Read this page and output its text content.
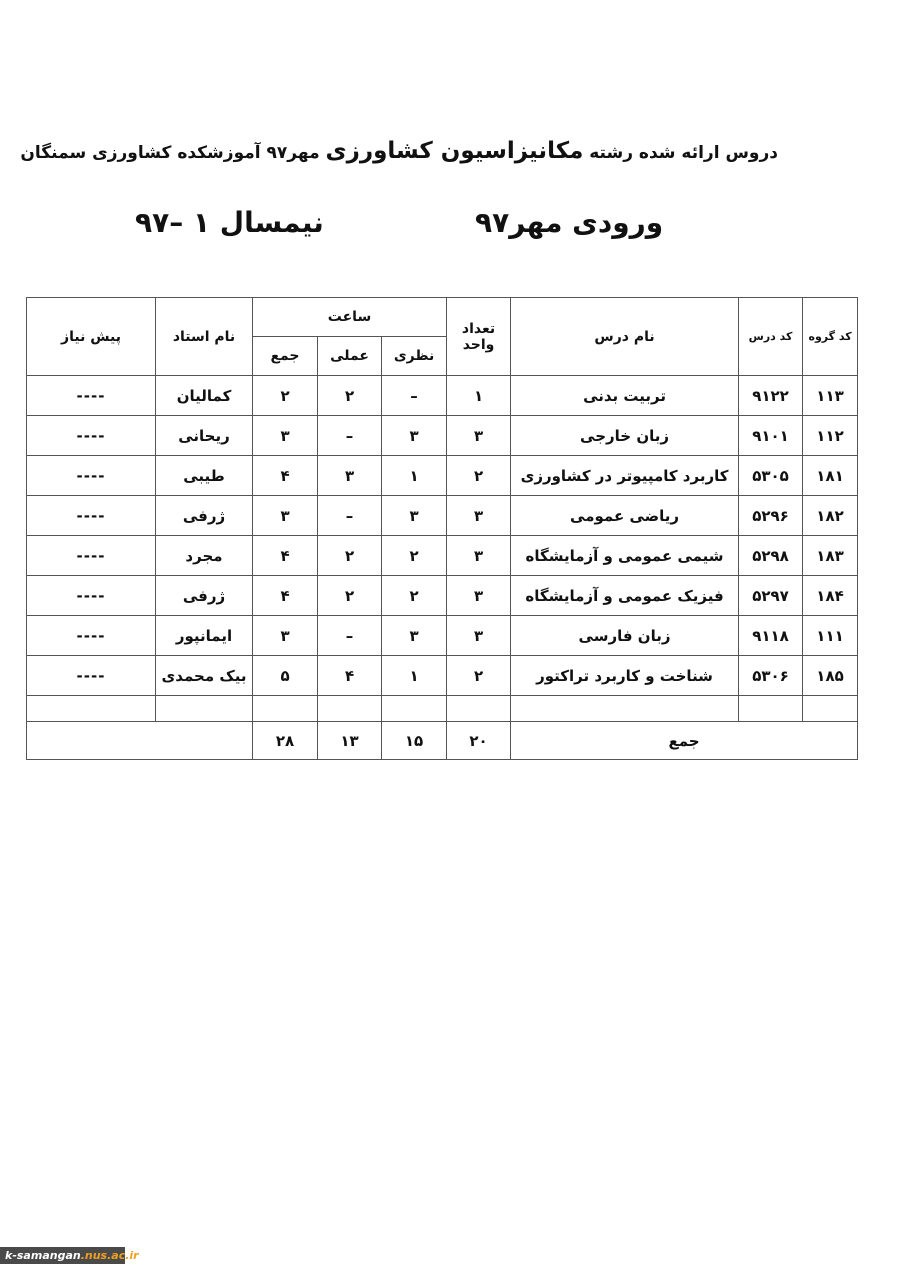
دروس ارائه شده رشته مکانیزاسیون کشاورزی مهر۹۷ آموزشکده کشاورزی سمنگان
ورودی مهر۹۷
نیمسال ۱ –۹۷
کد گروه	کد درس	نام درس	تعداد واحد	ساعت			نام استاد	پیش نیاز
				نظری	عملی	جمع		
۱۱۳	۹۱۲۲	تربیت بدنی	۱	–	۲	۲	کمالیان	----
۱۱۲	۹۱۰۱	زبان خارجی	۳	۳	–	۳	ریحانی	----
۱۸۱	۵۳۰۵	کاربرد کامپیوتر در کشاورزی	۲	۱	۳	۴	طیبی	----
۱۸۲	۵۲۹۶	ریاضی عمومی	۳	۳	–	۳	ژرفی	----
۱۸۳	۵۲۹۸	شیمی عمومی و آزمایشگاه	۳	۲	۲	۴	مجرد	----
۱۸۴	۵۲۹۷	فیزیک عمومی و آزمایشگاه	۳	۲	۲	۴	ژرفی	----
۱۱۱	۹۱۱۸	زبان فارسی	۳	۳	–	۳	ایمانپور	----
۱۸۵	۵۳۰۶	شناخت و کاربرد تراکتور	۲	۱	۴	۵	بیک محمدی	----

جمع			۲۰	۱۵	۱۳	۲۸		
k-samangan.nus.ac.ir
